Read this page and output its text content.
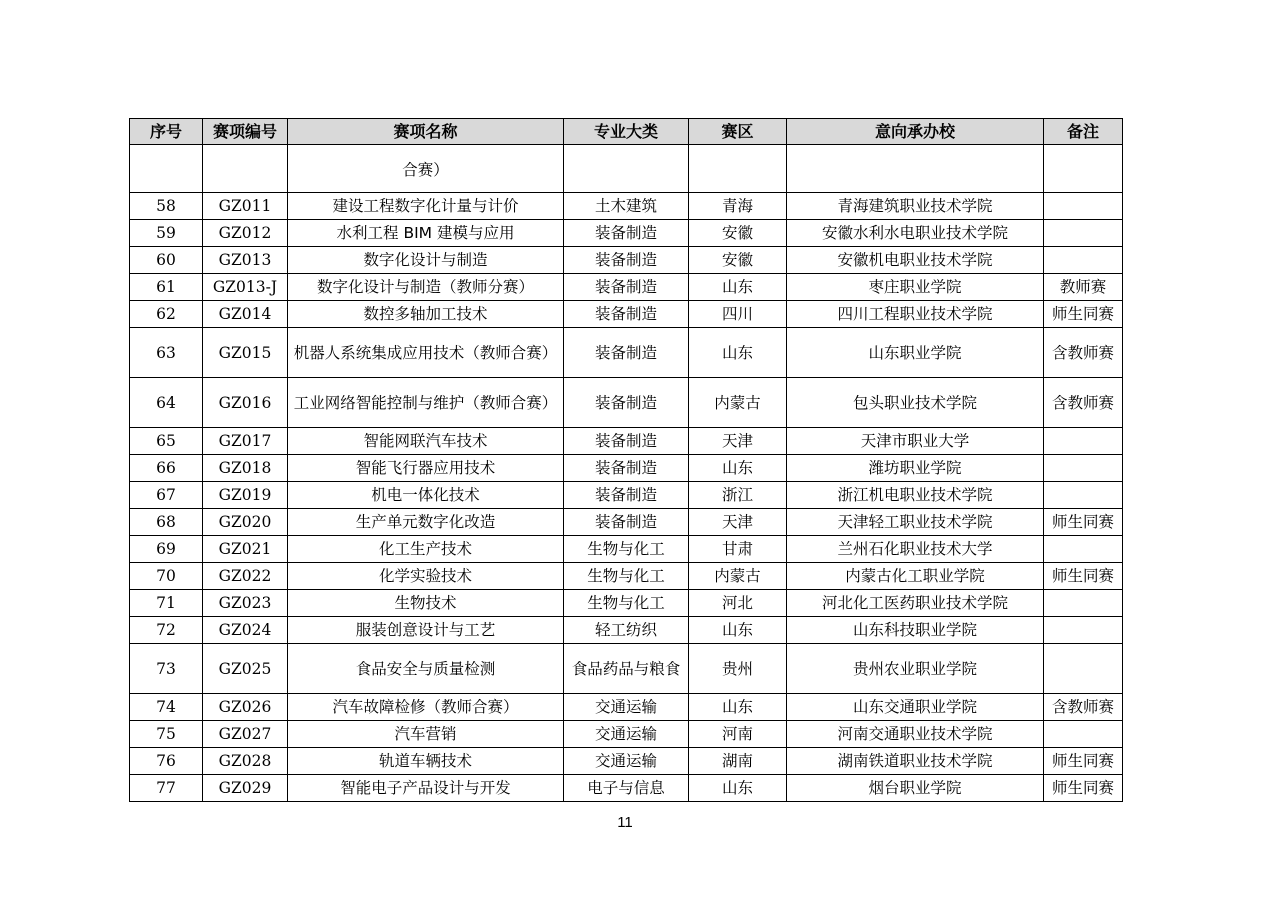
序号	赛项编号	赛项名称	专业大类	赛区	意向承办校	备注
		合赛）				
58	GZ011	建设工程数字化计量与计价	土木建筑	青海	青海建筑职业技术学院	
59	GZ012	水利工程 BIM 建模与应用	装备制造	安徽	安徽水利水电职业技术学院	
60	GZ013	数字化设计与制造	装备制造	安徽	安徽机电职业技术学院	
61	GZ013-J	数字化设计与制造（教师分赛）	装备制造	山东	枣庄职业学院	教师赛
62	GZ014	数控多轴加工技术	装备制造	四川	四川工程职业技术学院	师生同赛
63	GZ015	机器人系统集成应用技术（教师合赛）	装备制造	山东	山东职业学院	含教师赛
64	GZ016	工业网络智能控制与维护（教师合赛）	装备制造	内蒙古	包头职业技术学院	含教师赛
65	GZ017	智能网联汽车技术	装备制造	天津	天津市职业大学	
66	GZ018	智能飞行器应用技术	装备制造	山东	潍坊职业学院	
67	GZ019	机电一体化技术	装备制造	浙江	浙江机电职业技术学院	
68	GZ020	生产单元数字化改造	装备制造	天津	天津轻工职业技术学院	师生同赛
69	GZ021	化工生产技术	生物与化工	甘肃	兰州石化职业技术大学	
70	GZ022	化学实验技术	生物与化工	内蒙古	内蒙古化工职业学院	师生同赛
71	GZ023	生物技术	生物与化工	河北	河北化工医药职业技术学院	
72	GZ024	服装创意设计与工艺	轻工纺织	山东	山东科技职业学院	
73	GZ025	食品安全与质量检测	食品药品与粮食	贵州	贵州农业职业学院	
74	GZ026	汽车故障检修（教师合赛）	交通运输	山东	山东交通职业学院	含教师赛
75	GZ027	汽车营销	交通运输	河南	河南交通职业技术学院	
76	GZ028	轨道车辆技术	交通运输	湖南	湖南铁道职业技术学院	师生同赛
77	GZ029	智能电子产品设计与开发	电子与信息	山东	烟台职业学院	师生同赛
11
